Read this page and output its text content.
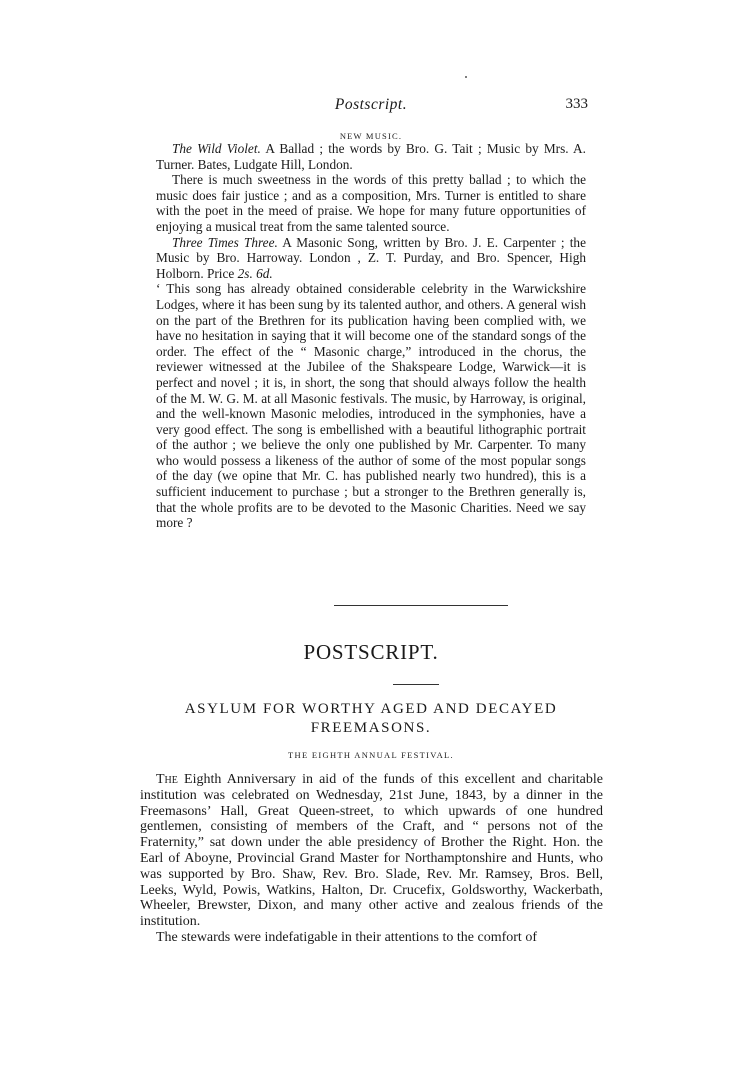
Postscript.	333
NEW MUSIC.

The Wild Violet. A Ballad ; the words by Bro. G. Tait ; Music by Mrs. A. Turner. Bates, Ludgate Hill, London.

There is much sweetness in the words of this pretty ballad ; to which the music does fair justice ; and as a composition, Mrs. Turner is entitled to share with the poet in the meed of praise. We hope for many future opportunities of enjoying a musical treat from the same talented source.

Three Times Three. A Masonic Song, written by Bro. J. E. Carpenter ; the Music by Bro. Harroway. London , Z. T. Purday, and Bro. Spencer, High Holborn. Price 2s. 6d.

‘ This song has already obtained considerable celebrity in the Warwickshire Lodges, where it has been sung by its talented author, and others. A general wish on the part of the Brethren for its publication having been complied with, we have no hesitation in saying that it will become one of the standard songs of the order. The effect of the “ Masonic charge,” introduced in the chorus, the reviewer witnessed at the Jubilee of the Shakspeare Lodge, Warwick—it is perfect and novel ; it is, in short, the song that should always follow the health of the M. W. G. M. at all Masonic festivals. The music, by Harroway, is original, and the well-known Masonic melodies, introduced in the symphonies, have a very good effect. The song is embellished with a beautiful lithographic portrait of the author ; we believe the only one published by Mr. Carpenter. To many who would possess a likeness of the author of some of the most popular songs of the day (we opine that Mr. C. has published nearly two hundred), this is a sufficient inducement to purchase ; but a stronger to the Brethren generally is, that the whole profits are to be devoted to the Masonic Charities. Need we say more ?

POSTSCRIPT.
ASYLUM FOR WORTHY AGED AND DECAYED FREEMASONS.
THE EIGHTH ANNUAL FESTIVAL.

The Eighth Anniversary in aid of the funds of this excellent and charitable institution was celebrated on Wednesday, 21st June, 1843, by a dinner in the Freemasons’ Hall, Great Queen-street, to which upwards of one hundred gentlemen, consisting of members of the Craft, and “ persons not of the Fraternity,” sat down under the able presidency of Brother the Right. Hon. the Earl of Aboyne, Provincial Grand Master for Northamptonshire and Hunts, who was supported by Bro. Shaw, Rev. Bro. Slade, Rev. Mr. Ramsey, Bros. Bell, Leeks, Wyld, Powis, Watkins, Halton, Dr. Crucefix, Goldsworthy, Wackerbath, Wheeler, Brewster, Dixon, and many other active and zealous friends of the institution.

The stewards were indefatigable in their attentions to the comfort of
